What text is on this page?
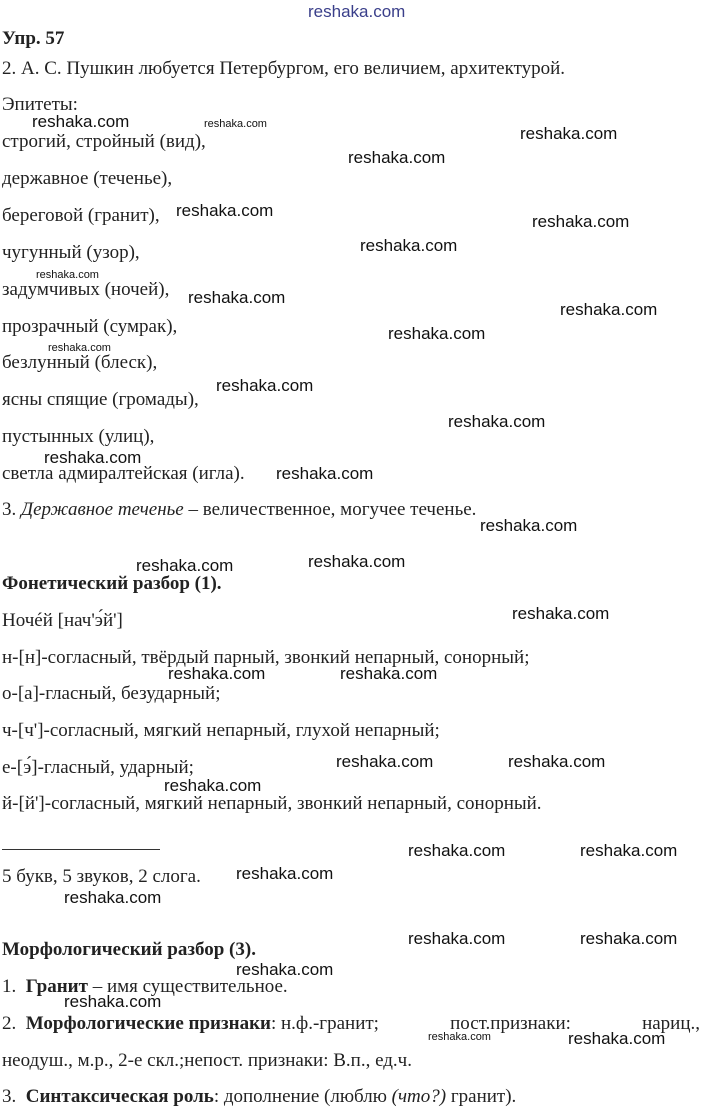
reshaka.com
Упр. 57
2. А. С. Пушкин любуется Петербургом, его величием, архитектурой.
Эпитеты:
строгий, стройный (вид),
державное (теченье),
береговой (гранит),
чугунный (узор),
задумчивых (ночей),
прозрачный (сумрак),
безлунный (блеск),
ясны спящие (громады),
пустынных (улиц),
светла адмиралтейская (игла).
3. Державное теченье – величественное, могучее теченье.
Фонетический разбор (1).
Ночéй [нач'э́й']
н-[н]-согласный, твёрдый парный, звонкий непарный, сонорный;
о-[а]-гласный, безударный;
ч-[ч']-согласный, мягкий непарный, глухой непарный;
е-[э́]-гласный, ударный;
й-[й']-согласный, мягкий непарный, звонкий непарный, сонорный.
5 букв, 5 звуков, 2 слога.
Морфологический разбор (3).
1. Гранит – имя существительное.
2. Морфологические признаки: н.ф.-гранит;	пост.признаки:	нариц.,
неодуш., м.р., 2-е скл.;непост. признаки: В.п., ед.ч.
3. Синтаксическая роль: дополнение (люблю (что?) гранит).
reshaka.com
reshaka.com
reshaka.com
reshaka.com
reshaka.com
reshaka.com
reshaka.com
reshaka.com
reshaka.com
reshaka.com
reshaka.com
reshaka.com
reshaka.com
reshaka.com
reshaka.com
reshaka.com
reshaka.com
reshaka.com	reshaka.com
reshaka.com	reshaka.com
reshaka.com
reshaka.com	reshaka.com
reshaka.com
reshaka.com
reshaka.com	reshaka.com
reshaka.com
reshaka.com
reshaka.com
reshaka.com
reshaka.com
reshaka.com	reshaka.com
